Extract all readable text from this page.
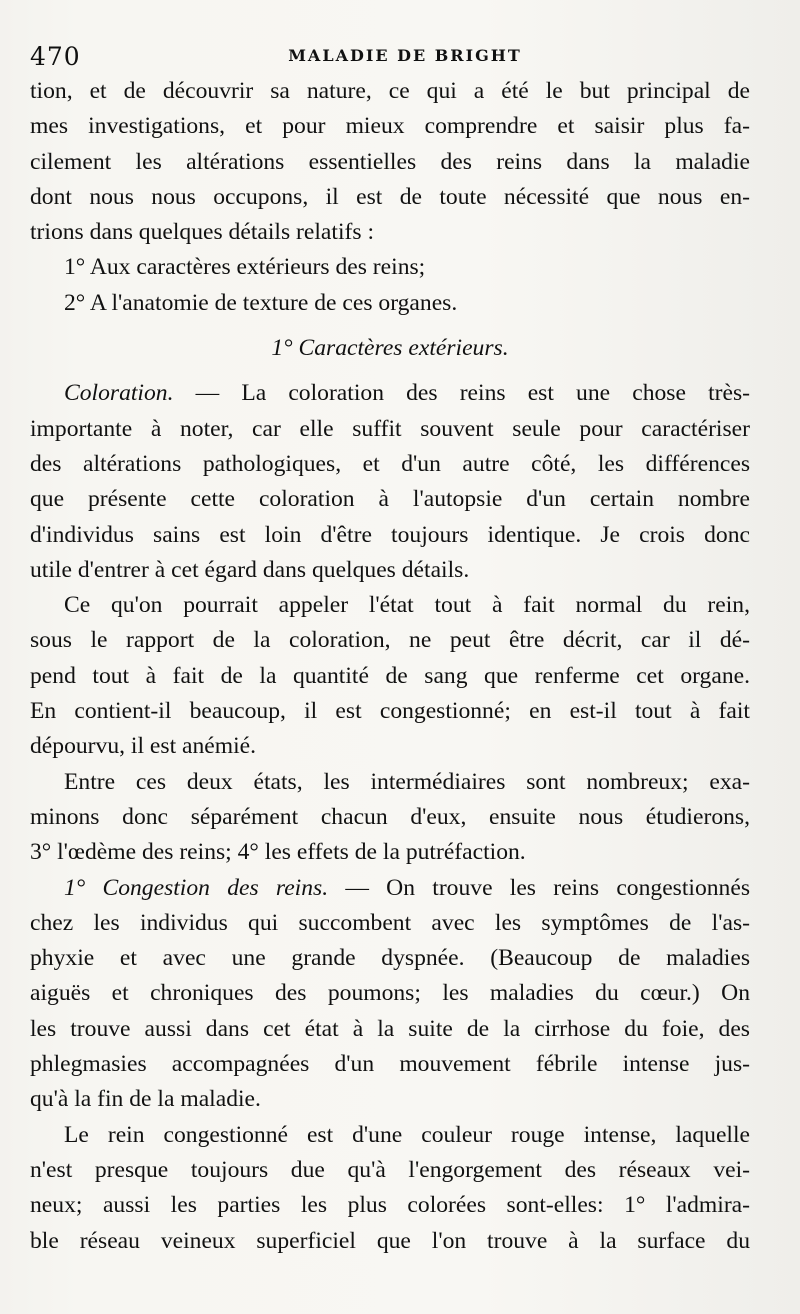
470	MALADIE DE BRIGHT
tion, et de découvrir sa nature, ce qui a été le but principal de
mes investigations, et pour mieux comprendre et saisir plus fa-
cilement les altérations essentielles des reins dans la maladie
dont nous nous occupons, il est de toute nécessité que nous en-
trions dans quelques détails relatifs :
1° Aux caractères extérieurs des reins;
2° A l'anatomie de texture de ces organes.
1° Caractères extérieurs.
Coloration. — La coloration des reins est une chose très-
importante à noter, car elle suffit souvent seule pour caractériser
des altérations pathologiques, et d'un autre côté, les différences
que présente cette coloration à l'autopsie d'un certain nombre
d'individus sains est loin d'être toujours identique. Je crois donc
utile d'entrer à cet égard dans quelques détails.
Ce qu'on pourrait appeler l'état tout à fait normal du rein,
sous le rapport de la coloration, ne peut être décrit, car il dé-
pend tout à fait de la quantité de sang que renferme cet organe.
En contient-il beaucoup, il est congestionné; en est-il tout à fait
dépourvu, il est anémié.
Entre ces deux états, les intermédiaires sont nombreux; exa-
minons donc séparément chacun d'eux, ensuite nous étudierons,
3° l'œdème des reins; 4° les effets de la putréfaction.
1° Congestion des reins. — On trouve les reins congestionnés
chez les individus qui succombent avec les symptômes de l'as-
phyxie et avec une grande dyspnée. (Beaucoup de maladies
aiguës et chroniques des poumons; les maladies du cœur.) On
les trouve aussi dans cet état à la suite de la cirrhose du foie, des
phlegmasies accompagnées d'un mouvement fébrile intense jus-
qu'à la fin de la maladie.
Le rein congestionné est d'une couleur rouge intense, laquelle
n'est presque toujours due qu'à l'engorgement des réseaux vei-
neux; aussi les parties les plus colorées sont-elles: 1° l'admira-
ble réseau veineux superficiel que l'on trouve à la surface du
